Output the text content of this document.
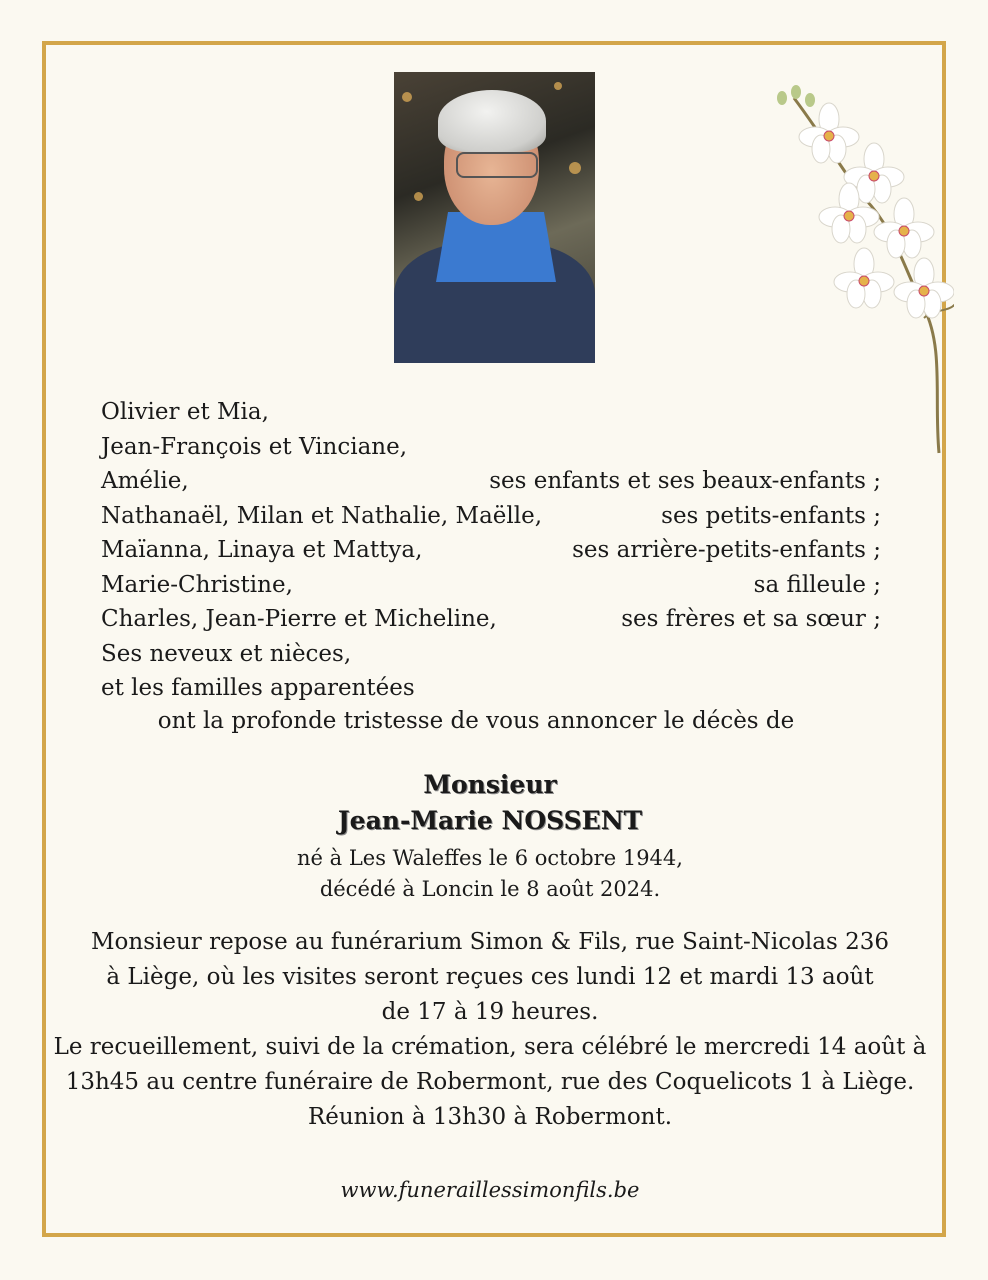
Olivier et Mia,
Jean-François et Vinciane,
Amélie,	ses enfants et ses beaux-enfants ;
Nathanaël, Milan et Nathalie, Maëlle,	ses petits-enfants ;
Maïanna, Linaya et Mattya,	ses arrière-petits-enfants ;
Marie-Christine,	sa filleule ;
Charles, Jean-Pierre et Micheline,	ses frères et sa sœur ;
Ses neveux et nièces,
et les familles apparentées
ont la profonde tristesse de vous annoncer le décès de
Monsieur
Jean-Marie NOSSENT
né à Les Waleffes le 6 octobre 1944,
décédé à Loncin le 8 août 2024.
Monsieur repose au funérarium Simon & Fils, rue Saint-Nicolas 236
à Liège, où les visites seront reçues ces lundi 12 et mardi 13 août
de 17 à 19 heures.
Le recueillement, suivi de la crémation, sera célébré le mercredi 14 août à
13h45 au centre funéraire de Robermont, rue des Coquelicots 1 à Liège.
Réunion à 13h30 à Robermont.
www.funeraillessimonfils.be
